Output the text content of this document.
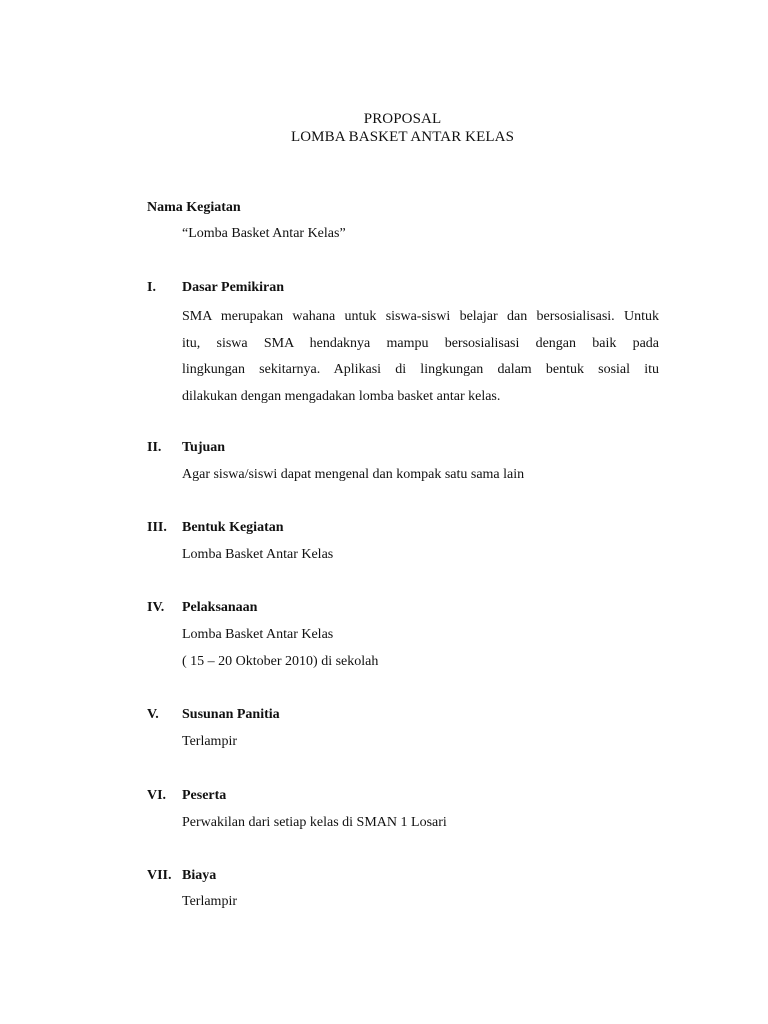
PROPOSAL
LOMBA BASKET ANTAR KELAS
Nama Kegiatan
“Lomba Basket Antar Kelas”
I. Dasar Pemikiran
SMA merupakan wahana untuk siswa-siswi belajar dan bersosialisasi. Untuk
itu, siswa SMA hendaknya mampu bersosialisasi dengan baik pada
lingkungan sekitarnya. Aplikasi di lingkungan dalam bentuk sosial itu
dilakukan dengan mengadakan lomba basket antar kelas.
II. Tujuan
Agar siswa/siswi dapat mengenal dan kompak satu sama lain
III. Bentuk Kegiatan
Lomba Basket Antar Kelas
IV. Pelaksanaan
Lomba Basket Antar Kelas
( 15 – 20 Oktober 2010) di sekolah
V. Susunan Panitia
Terlampir
VI. Peserta
Perwakilan dari setiap kelas di SMAN 1 Losari
VII. Biaya
Terlampir
